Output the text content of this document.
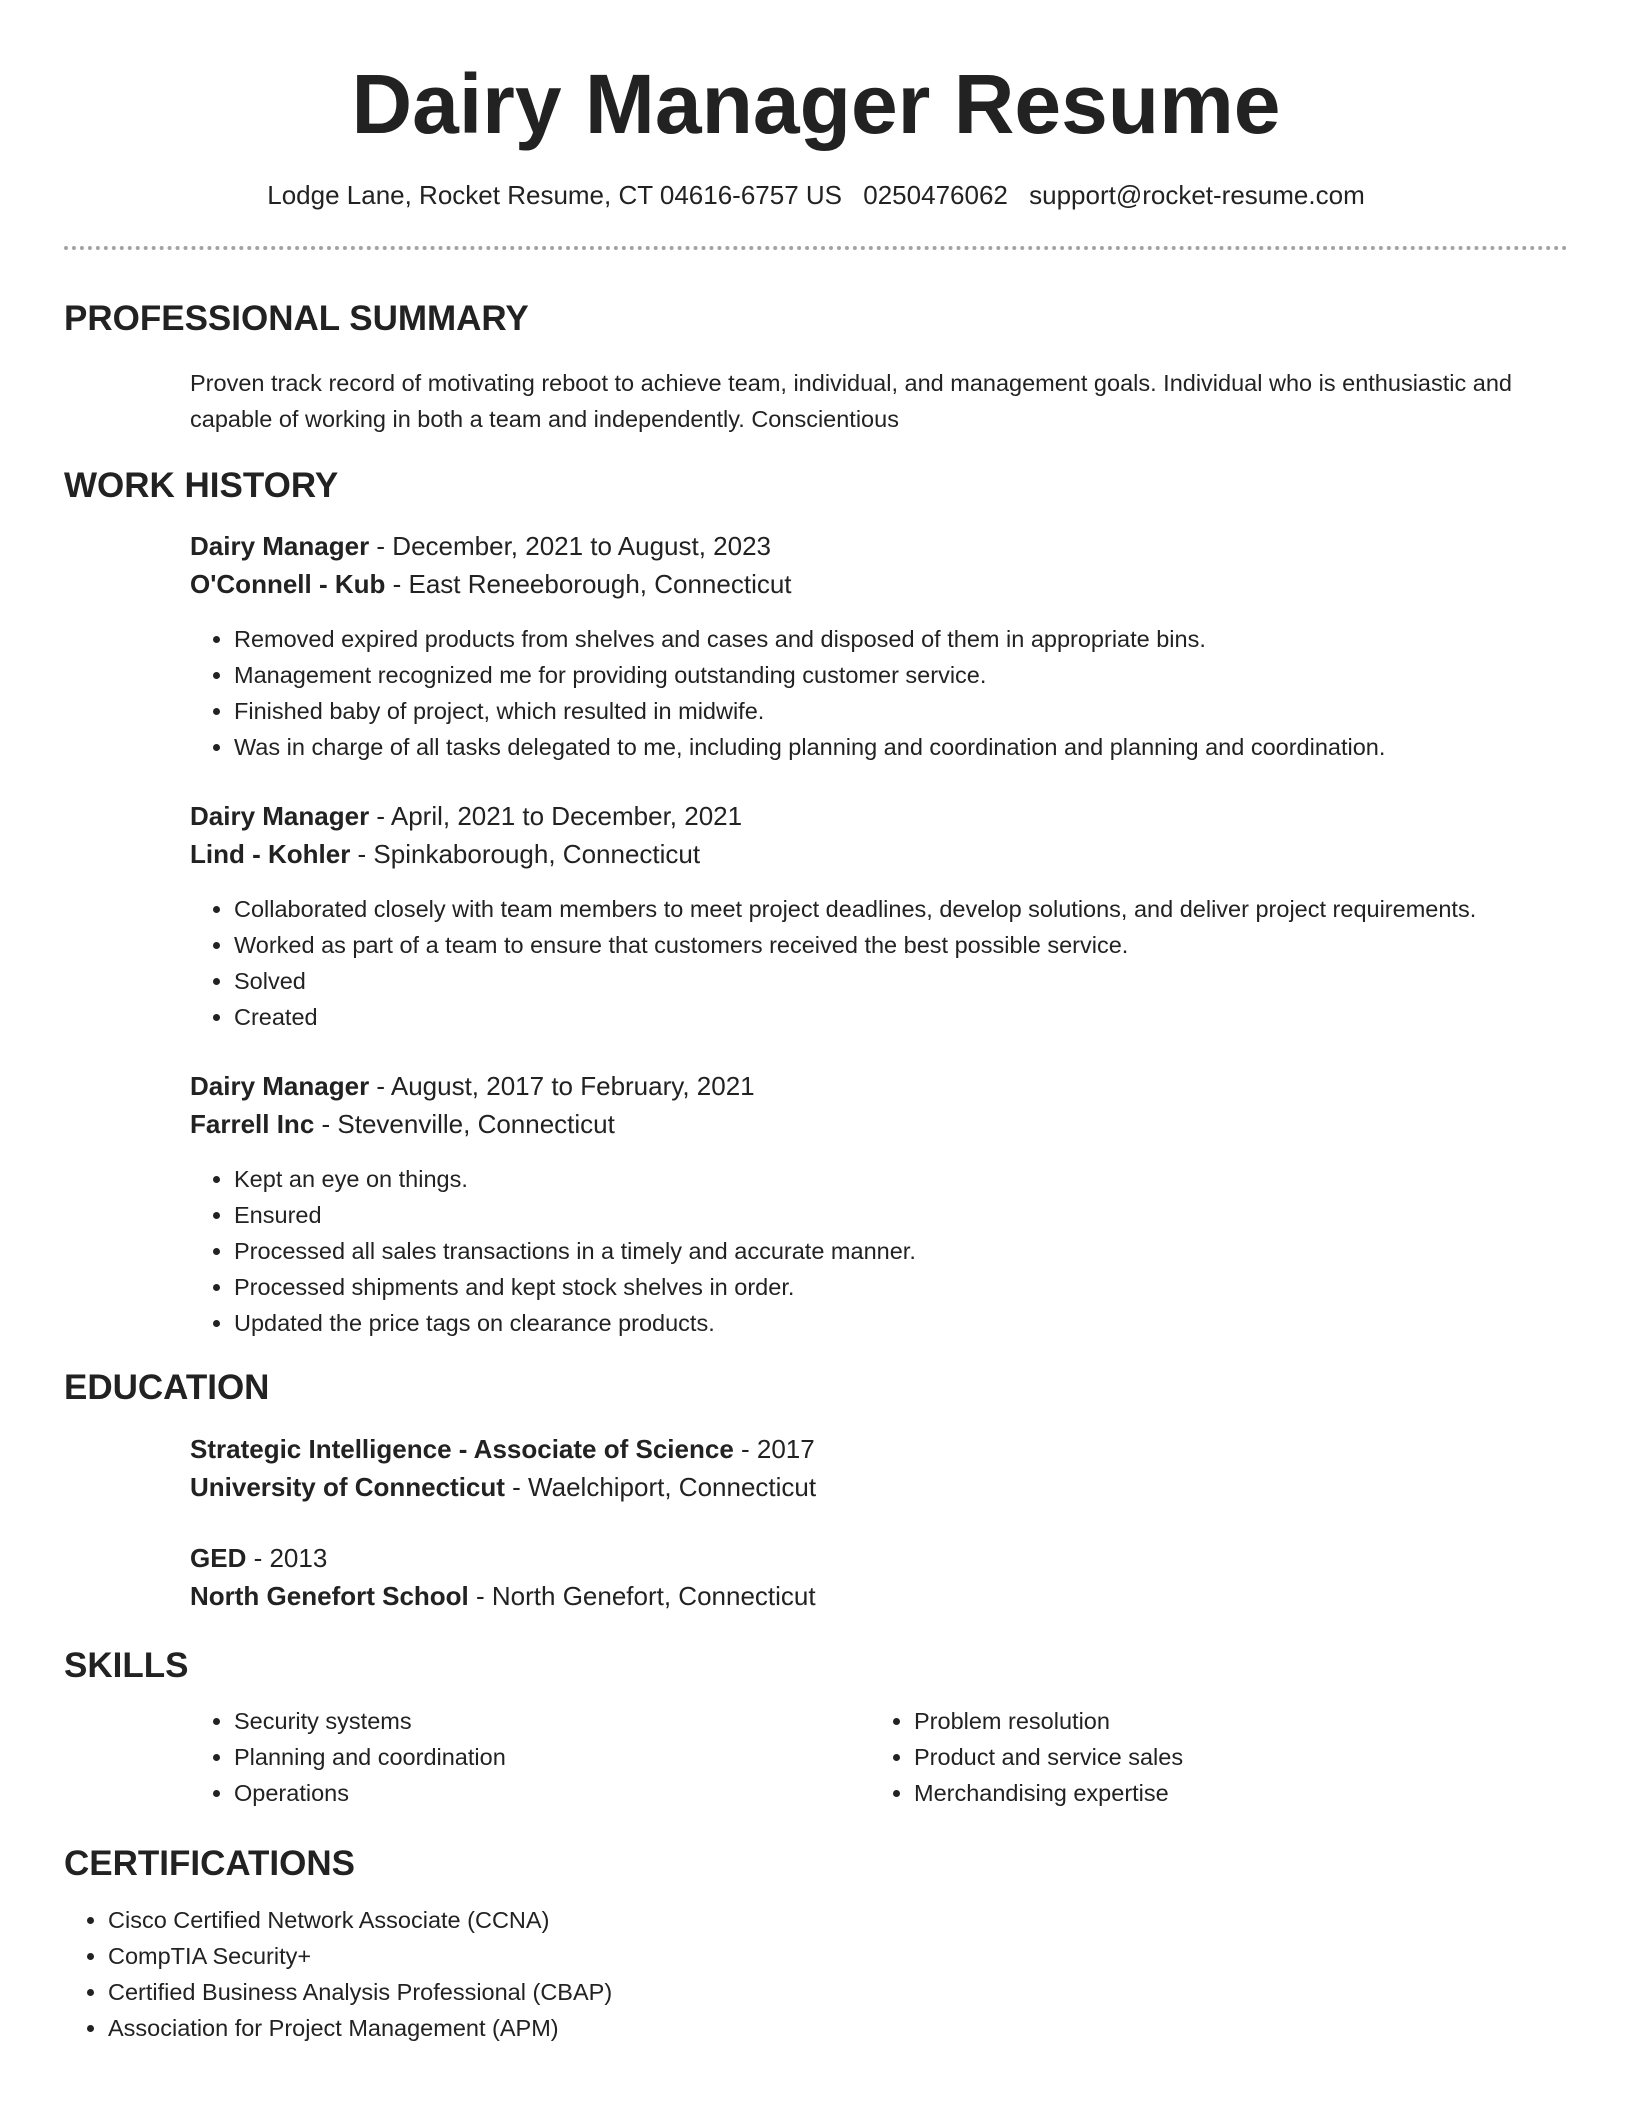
Dairy Manager Resume
Lodge Lane, Rocket Resume, CT 04616-6757 US 0250476062 support@rocket-resume.com
PROFESSIONAL SUMMARY
Proven track record of motivating reboot to achieve team, individual, and management goals. Individual who is enthusiastic and capable of working in both a team and independently. Conscientious
WORK HISTORY
Dairy Manager - December, 2021 to August, 2023
O'Connell - Kub - East Reneeborough, Connecticut
• Removed expired products from shelves and cases and disposed of them in appropriate bins.
• Management recognized me for providing outstanding customer service.
• Finished baby of project, which resulted in midwife.
• Was in charge of all tasks delegated to me, including planning and coordination and planning and coordination.
Dairy Manager - April, 2021 to December, 2021
Lind - Kohler - Spinkaborough, Connecticut
• Collaborated closely with team members to meet project deadlines, develop solutions, and deliver project requirements.
• Worked as part of a team to ensure that customers received the best possible service.
• Solved
• Created
Dairy Manager - August, 2017 to February, 2021
Farrell Inc - Stevenville, Connecticut
• Kept an eye on things.
• Ensured
• Processed all sales transactions in a timely and accurate manner.
• Processed shipments and kept stock shelves in order.
• Updated the price tags on clearance products.
EDUCATION
Strategic Intelligence - Associate of Science - 2017
University of Connecticut - Waelchiport, Connecticut
GED - 2013
North Genefort School - North Genefort, Connecticut
SKILLS
• Security systems
• Planning and coordination
• Operations
• Problem resolution
• Product and service sales
• Merchandising expertise
CERTIFICATIONS
• Cisco Certified Network Associate (CCNA)
• CompTIA Security+
• Certified Business Analysis Professional (CBAP)
• Association for Project Management (APM)
